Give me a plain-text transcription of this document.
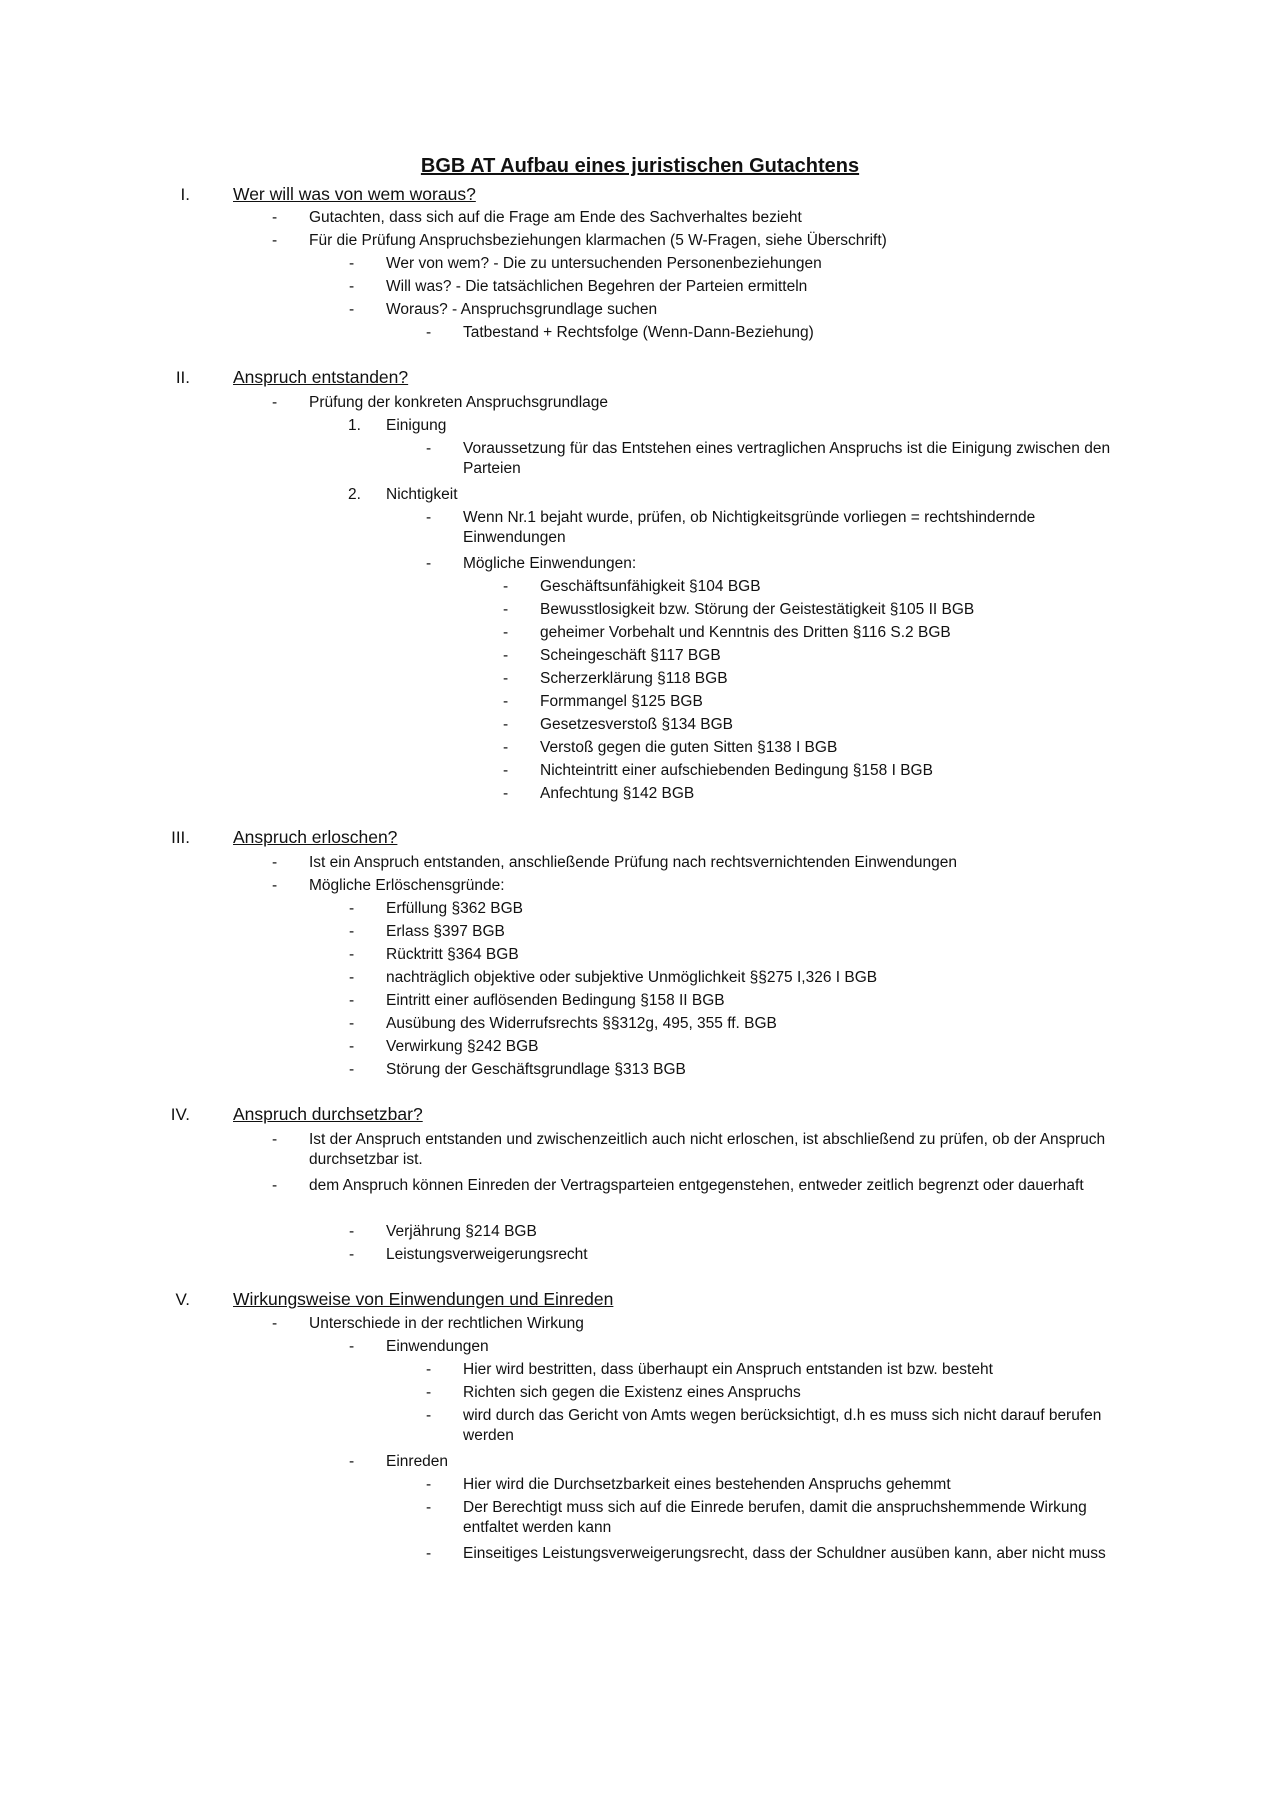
BGB AT Aufbau eines juristischen Gutachtens
I. Wer will was von wem woraus?
- Gutachten, dass sich auf die Frage am Ende des Sachverhaltes bezieht
- Für die Prüfung Anspruchsbeziehungen klarmachen (5 W-Fragen, siehe Überschrift)
- Wer von wem? - Die zu untersuchenden Personenbeziehungen
- Will was? - Die tatsächlichen Begehren der Parteien ermitteln
- Woraus? - Anspruchsgrundlage suchen
- Tatbestand + Rechtsfolge (Wenn-Dann-Beziehung)
II. Anspruch entstanden?
- Prüfung der konkreten Anspruchsgrundlage
1. Einigung
- Voraussetzung für das Entstehen eines vertraglichen Anspruchs ist die Einigung zwischen den Parteien
2. Nichtigkeit
- Wenn Nr.1 bejaht wurde, prüfen, ob Nichtigkeitsgründe vorliegen = rechtshindernde Einwendungen
- Mögliche Einwendungen:
- Geschäftsunfähigkeit §104 BGB
- Bewusstlosigkeit bzw. Störung der Geistestätigkeit §105 II BGB
- geheimer Vorbehalt und Kenntnis des Dritten §116 S.2 BGB
- Scheingeschäft §117 BGB
- Scherzerklärung §118 BGB
- Formmangel §125 BGB
- Gesetzesverstoß §134 BGB
- Verstoß gegen die guten Sitten §138 I BGB
- Nichteintritt einer aufschiebenden Bedingung §158 I BGB
- Anfechtung §142 BGB
III. Anspruch erloschen?
- Ist ein Anspruch entstanden, anschließende Prüfung nach rechtsvernichtenden Einwendungen
- Mögliche Erlöschensgründe:
- Erfüllung §362 BGB
- Erlass §397 BGB
- Rücktritt §364 BGB
- nachträglich objektive oder subjektive Unmöglichkeit §§275 I,326 I BGB
- Eintritt einer auflösenden Bedingung §158 II BGB
- Ausübung des Widerrufsrechts §§312g, 495, 355 ff. BGB
- Verwirkung §242 BGB
- Störung der Geschäftsgrundlage §313 BGB
IV. Anspruch durchsetzbar?
- Ist der Anspruch entstanden und zwischenzeitlich auch nicht erloschen, ist abschließend zu prüfen, ob der Anspruch durchsetzbar ist.
- dem Anspruch können Einreden der Vertragsparteien entgegenstehen, entweder zeitlich begrenzt oder dauerhaft
- Verjährung §214 BGB
- Leistungsverweigerungsrecht
V. Wirkungsweise von Einwendungen und Einreden
- Unterschiede in der rechtlichen Wirkung
- Einwendungen
- Hier wird bestritten, dass überhaupt ein Anspruch entstanden ist bzw. besteht
- Richten sich gegen die Existenz eines Anspruchs
- wird durch das Gericht von Amts wegen berücksichtigt, d.h es muss sich nicht darauf berufen werden
- Einreden
- Hier wird die Durchsetzbarkeit eines bestehenden Anspruchs gehemmt
- Der Berechtigt muss sich auf die Einrede berufen, damit die anspruchshemmende Wirkung entfaltet werden kann
- Einseitiges Leistungsverweigerungsrecht, dass der Schuldner ausüben kann, aber nicht muss
